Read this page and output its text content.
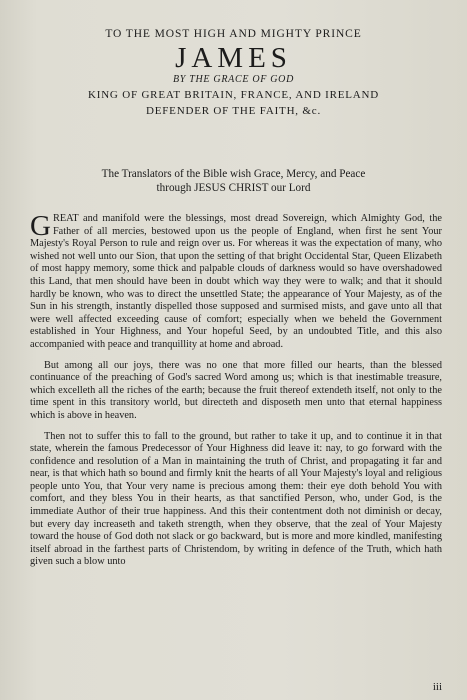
TO THE MOST HIGH AND MIGHTY PRINCE

JAMES

BY THE GRACE OF GOD

KING OF GREAT BRITAIN, FRANCE, AND IRELAND

DEFENDER OF THE FAITH, &c.

The Translators of the Bible wish Grace, Mercy, and Peace
through JESUS CHRIST our Lord

GREAT and manifold were the blessings, most dread Sovereign, which Almighty God, the Father of all mercies, bestowed upon us the people of England, when first he sent Your Majesty's Royal Person to rule and reign over us. For whereas it was the expectation of many, who wished not well unto our Sion, that upon the setting of that bright Occidental Star, Queen Elizabeth of most happy memory, some thick and palpable clouds of darkness would so have overshadowed this Land, that men should have been in doubt which way they were to walk; and that it should hardly be known, who was to direct the unsettled State; the appearance of Your Majesty, as of the Sun in his strength, instantly dispelled those supposed and surmised mists, and gave unto all that were well affected exceeding cause of comfort; especially when we beheld the Government established in Your Highness, and Your hopeful Seed, by an undoubted Title, and this also accompanied with peace and tranquillity at home and abroad.

But among all our joys, there was no one that more filled our hearts, than the blessed continuance of the preaching of God's sacred Word among us; which is that inestimable treasure, which excelleth all the riches of the earth; because the fruit thereof extendeth itself, not only to the time spent in this transitory world, but directeth and disposeth men unto that eternal happiness which is above in heaven.

Then not to suffer this to fall to the ground, but rather to take it up, and to continue it in that state, wherein the famous Predecessor of Your Highness did leave it: nay, to go forward with the confidence and resolution of a Man in maintaining the truth of Christ, and propagating it far and near, is that which hath so bound and firmly knit the hearts of all Your Majesty's loyal and religious people unto You, that Your very name is precious among them: their eye doth behold You with comfort, and they bless You in their hearts, as that sanctified Person, who, under God, is the immediate Author of their true happiness. And this their contentment doth not diminish or decay, but every day increaseth and taketh strength, when they observe, that the zeal of Your Majesty toward the house of God doth not slack or go backward, but is more and more kindled, manifesting itself abroad in the farthest parts of Christendom, by writing in defence of the Truth, which hath given such a blow unto

iii
